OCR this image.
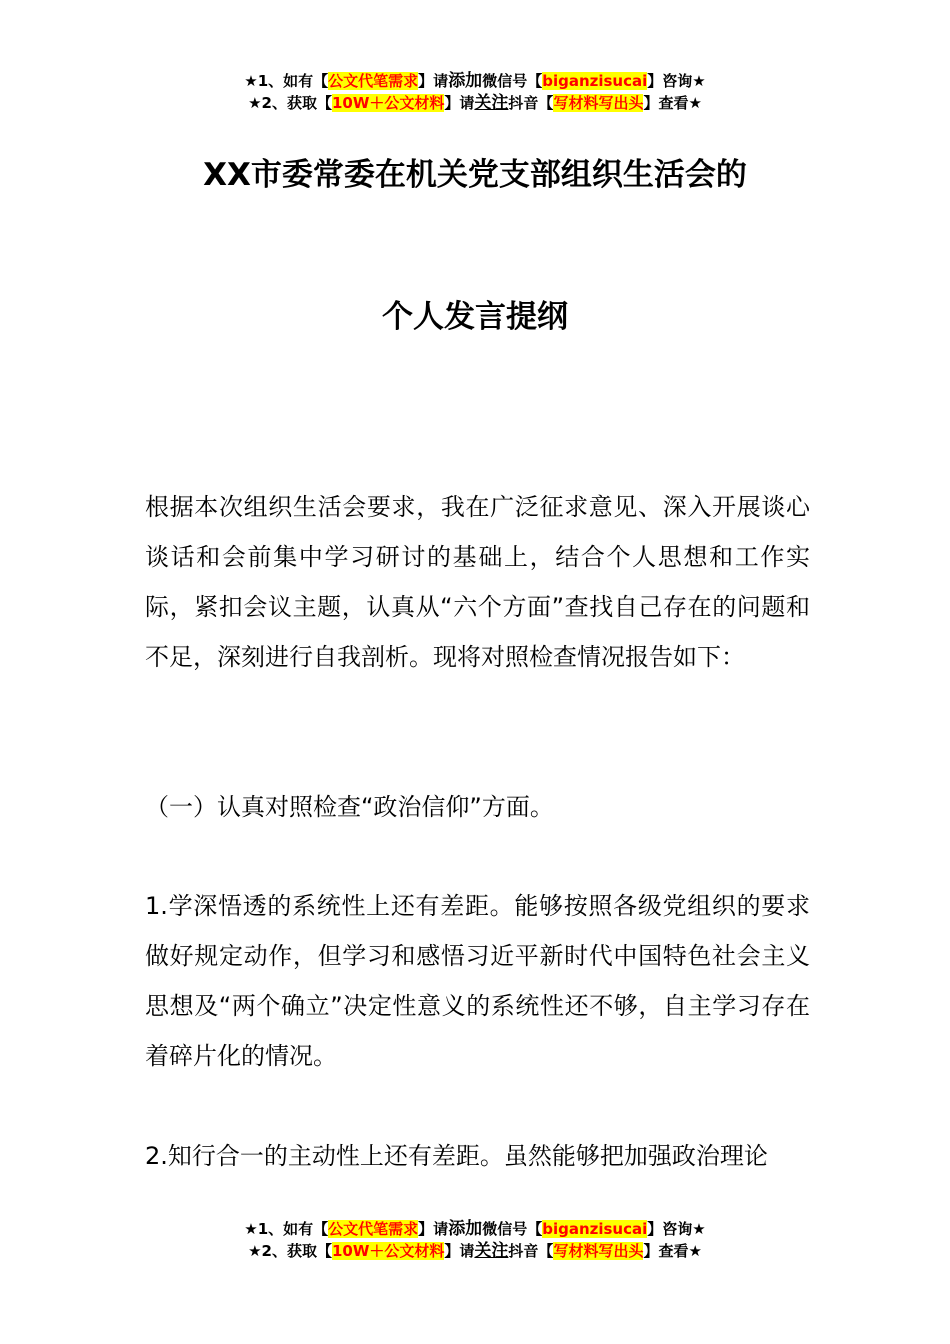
★1、如有【公文代笔需求】请添加微信号【biganzisucai】咨询★
★2、获取【10W＋公文材料】请关注抖音【写材料写出头】查看★
XX市委常委在机关党支部组织生活会的
个人发言提纲

根据本次组织生活会要求，我在广泛征求意见、深入开展谈心谈话和会前集中学习研讨的基础上，结合个人思想和工作实际，紧扣会议主题，认真从“六个方面”查找自己存在的问题和不足，深刻进行自我剖析。现将对照检查情况报告如下：

（一）认真对照检查“政治信仰”方面。

1.学深悟透的系统性上还有差距。能够按照各级党组织的要求做好规定动作，但学习和感悟习近平新时代中国特色社会主义思想及“两个确立”决定性意义的系统性还不够，自主学习存在着碎片化的情况。

2.知行合一的主动性上还有差距。虽然能够把加强政治理论

★1、如有【公文代笔需求】请添加微信号【biganzisucai】咨询★
★2、获取【10W＋公文材料】请关注抖音【写材料写出头】查看★
